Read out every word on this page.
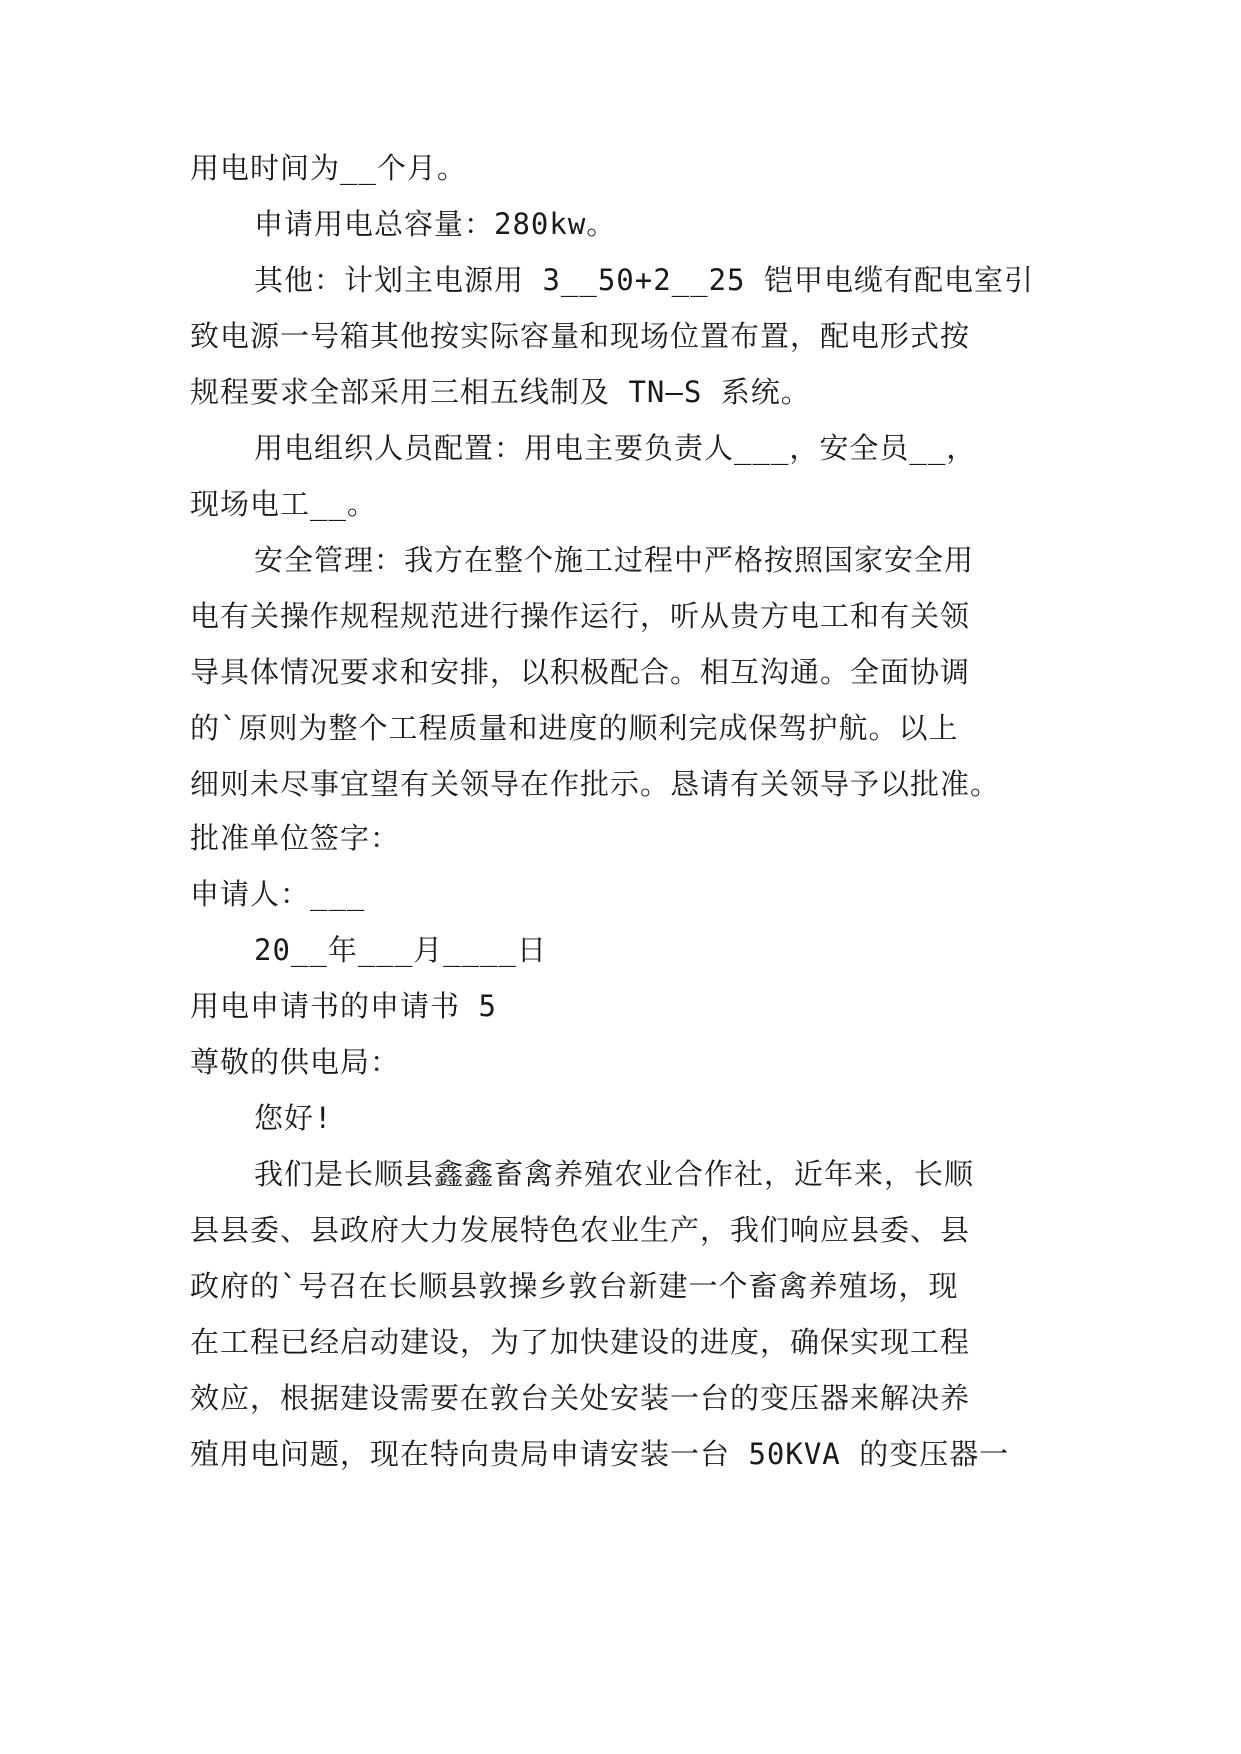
用电时间为__个月。
申请用电总容量：280kw。
其他：计划主电源用 3__50+2__25 铠甲电缆有配电室引
致电源一号箱其他按实际容量和现场位置布置，配电形式按
规程要求全部采用三相五线制及 TN—S 系统。
用电组织人员配置：用电主要负责人___，安全员__，
现场电工__。
安全管理：我方在整个施工过程中严格按照国家安全用
电有关操作规程规范进行操作运行，听从贵方电工和有关领
导具体情况要求和安排，以积极配合。相互沟通。全面协调
的`原则为整个工程质量和进度的顺利完成保驾护航。以上
细则未尽事宜望有关领导在作批示。恳请有关领导予以批准。
批准单位签字：
申请人：___
20__年___月____日
用电申请书的申请书 5
尊敬的供电局：
您好!
我们是长顺县鑫鑫畜禽养殖农业合作社，近年来，长顺
县县委、县政府大力发展特色农业生产，我们响应县委、县
政府的`号召在长顺县敦操乡敦台新建一个畜禽养殖场，现
在工程已经启动建设，为了加快建设的进度，确保实现工程
效应，根据建设需要在敦台关处安装一台的变压器来解决养
殖用电问题，现在特向贵局申请安装一台 50KVA 的变压器一
